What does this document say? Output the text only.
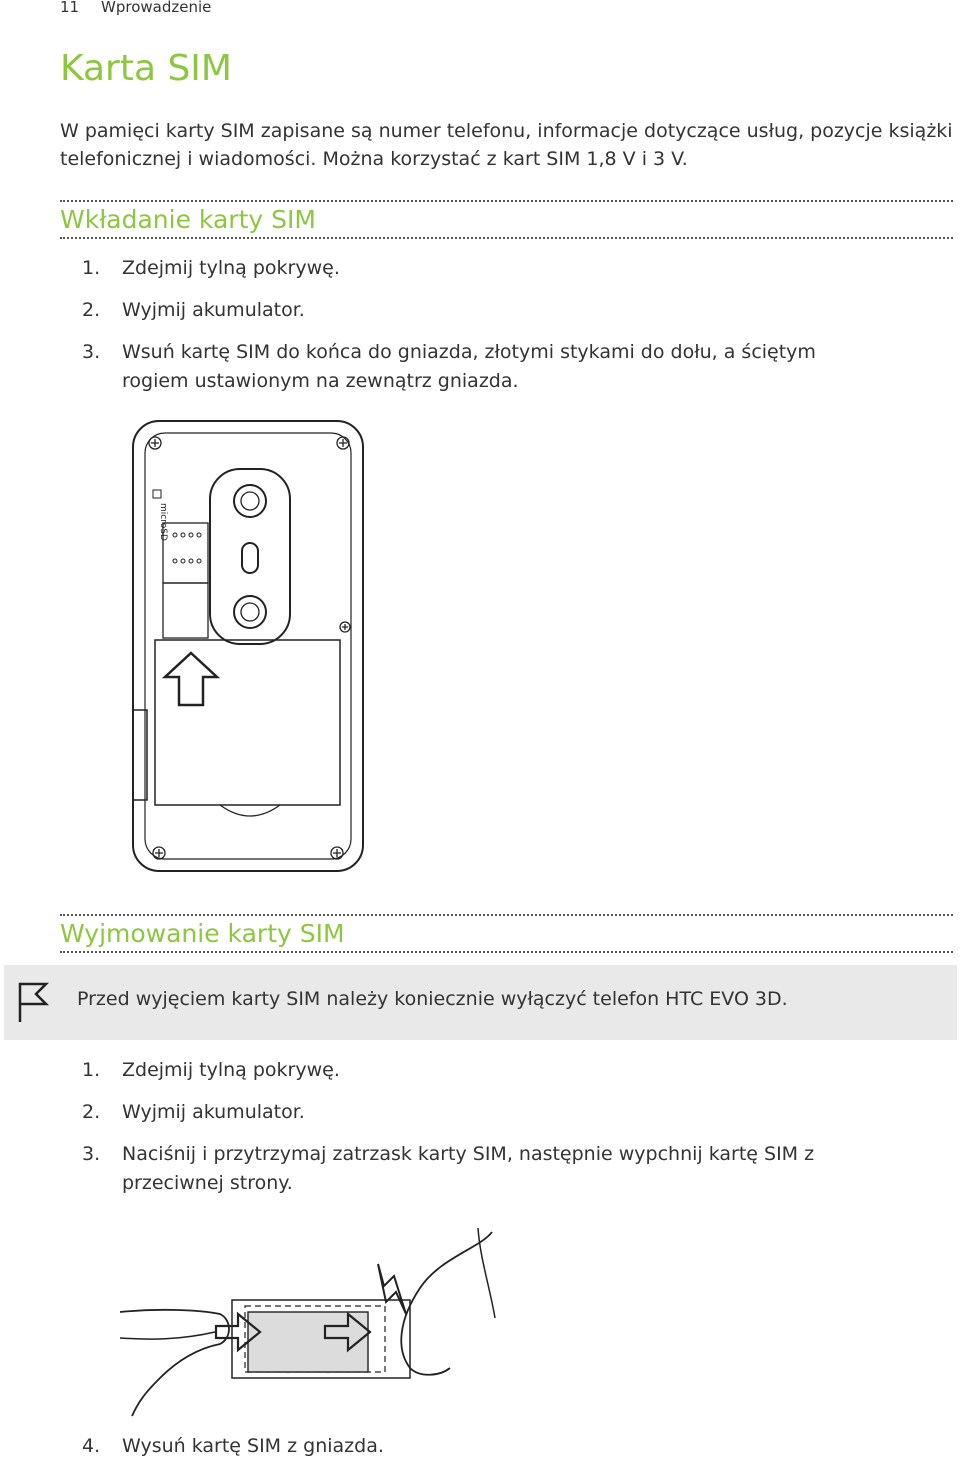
11 Wprowadzenie
Karta SIM
W pamięci karty SIM zapisane są numer telefonu, informacje dotyczące usług, pozycje książki telefonicznej i wiadomości. Można korzystać z kart SIM 1,8 V i 3 V.
Wkładanie karty SIM
1. Zdejmij tylną pokrywę.
2. Wyjmij akumulator.
3. Wsuń kartę SIM do końca do gniazda, złotymi stykami do dołu, a ściętym rogiem ustawionym na zewnątrz gniazda.
microSD
Wyjmowanie karty SIM
Przed wyjęciem karty SIM należy koniecznie wyłączyć telefon HTC EVO 3D.
1. Zdejmij tylną pokrywę.
2. Wyjmij akumulator.
3. Naciśnij i przytrzymaj zatrzask karty SIM, następnie wypchnij kartę SIM z przeciwnej strony.
4. Wysuń kartę SIM z gniazda.
